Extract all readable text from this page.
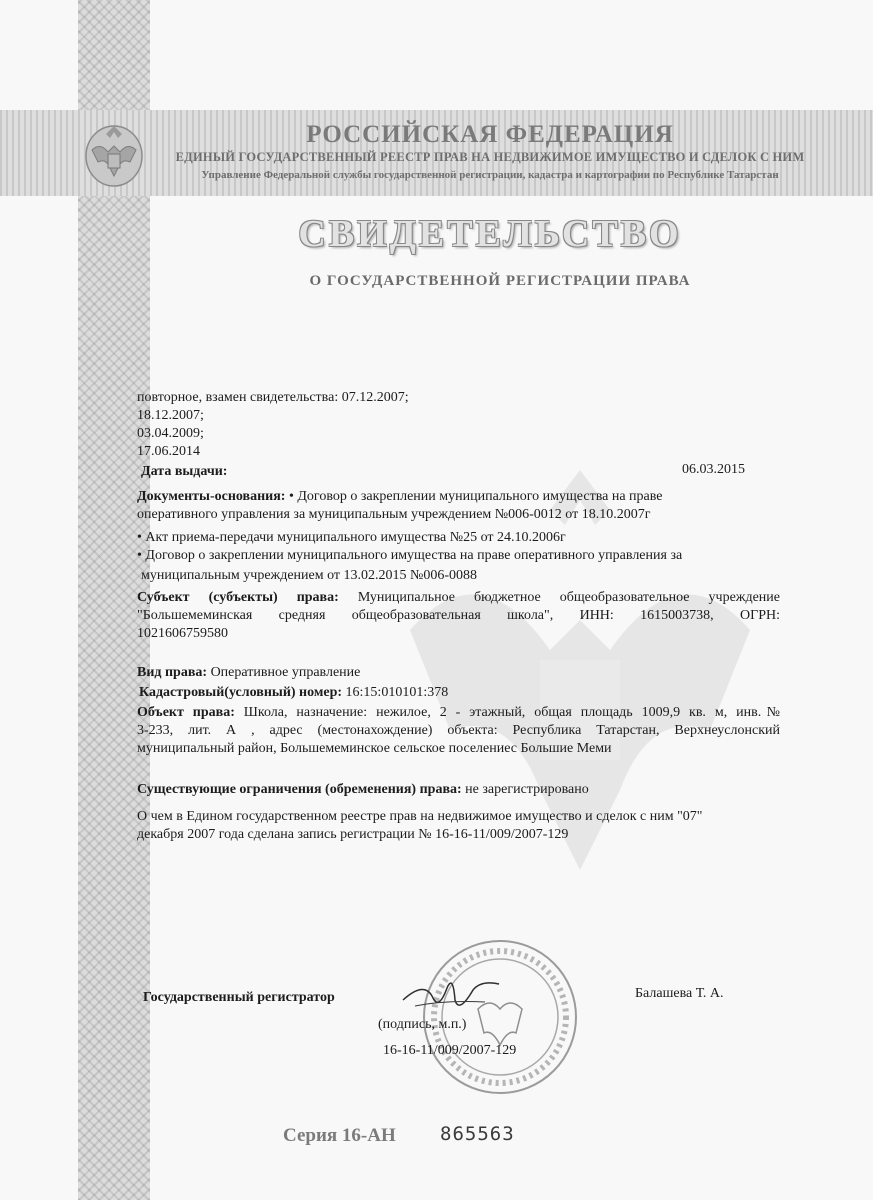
РОССИЙСКАЯ ФЕДЕРАЦИЯ
ЕДИНЫЙ ГОСУДАРСТВЕННЫЙ РЕЕСТР ПРАВ НА НЕДВИЖИМОЕ ИМУЩЕСТВО И СДЕЛОК С НИМ
Управление Федеральной службы государственной регистрации, кадастра и картографии по Республике Татарстан
СВИДЕТЕЛЬСТВО
О ГОСУДАРСТВЕННОЙ РЕГИСТРАЦИИ ПРАВА
повторное, взамен свидетельства: 07.12.2007;
18.12.2007;
03.04.2009;
17.06.2014
Дата выдачи:	06.03.2015
Документы-основания: • Договор о закреплении муниципального имущества на праве
оперативного управления за муниципальным учреждением №006-0012 от 18.10.2007г
• Акт приема-передачи муниципального имущества №25 от 24.10.2006г
• Договор о закреплении муниципального имущества на праве оперативного управления за
муниципальным учреждением от 13.02.2015 №006-0088
Субъект (субъекты) права: Муниципальное бюджетное общеобразовательное учреждение
"Большемеминская средняя общеобразовательная школа", ИНН: 1615003738, ОГРН:
1021606759580
Вид права: Оперативное управление
Кадастровый(условный) номер: 16:15:010101:378
Объект права: Школа, назначение: нежилое, 2 - этажный, общая площадь 1009,9 кв. м, инв.№
3-233, лит. А , адрес (местонахождение) объекта: Республика Татарстан, Верхнеуслонский
муниципальный район, Большемеминское сельское поселениес Большие Меми
Существующие ограничения (обременения) права: не зарегистрировано
О чем в Едином государственном реестре прав на недвижимое имущество и сделок с ним "07"
декабря 2007 года сделана запись регистрации № 16-16-11/009/2007-129
Государственный регистратор	Балашева Т. А.
(подпись, м.п.)
16-16-11/009/2007-129
Серия 16-АН 865563
